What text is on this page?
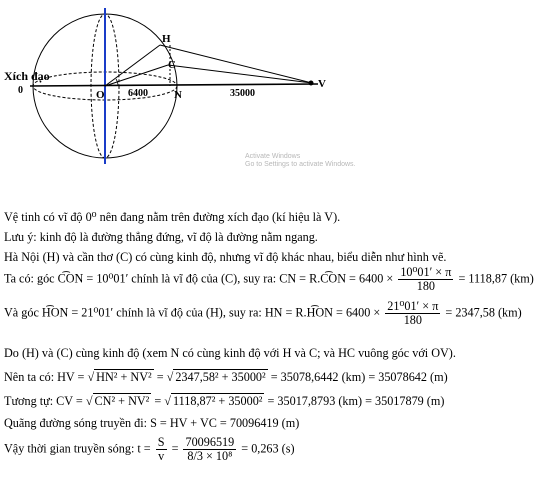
Xích đạo
0	O	N
C
H
V
6400	35000
Activate Windows
Go to Settings to activate Windows.
Vệ tinh có vĩ độ 0⁰ nên đang nằm trên đường xích đạo (kí hiệu là V).
Lưu ý: kinh độ là đường thẳng đứng, vĩ độ là đường nằm ngang.
Hà Nội (H) và cần thơ (C) có cùng kinh độ, nhưng vĩ độ khác nhau, biểu diễn như hình vẽ.
Ta có: góc C͡ON = 10⁰01′ chính là vĩ độ của (C), suy ra: CN = R.C͡ON = $6400 \times \frac{\text{10⁰01′ × π}}{180} = 1118,87$ (km)
Và góc H͡ON = 21⁰01′ chính là vĩ độ của (H), suy ra: HN = R.H͡ON = $6400 \times \frac{\text{21⁰01′ × π}}{180} = 2347,58$ (km)
Do (H) và (C) cùng kinh độ (xem N có cùng kinh độ với H và C; và HC vuông góc với OV).
Nên ta có: HV = √ HN² + NV² = √ 2347,58² + 35000² = 35078,6442 (km) = 35078642 (m)
Tương tự: CV = √ CN² + NV² = √ 1118,87² + 35000² = 35017,8793 (km) = 35017879 (m)
Quãng đường sóng truyền đi: S = HV + VC = 70096419 (m)
Vậy thời gian truyền sóng: $t = \frac{S}{v} = \frac{70096519}{\text{8/3 × 10⁸}} = 0,263$ (s)
